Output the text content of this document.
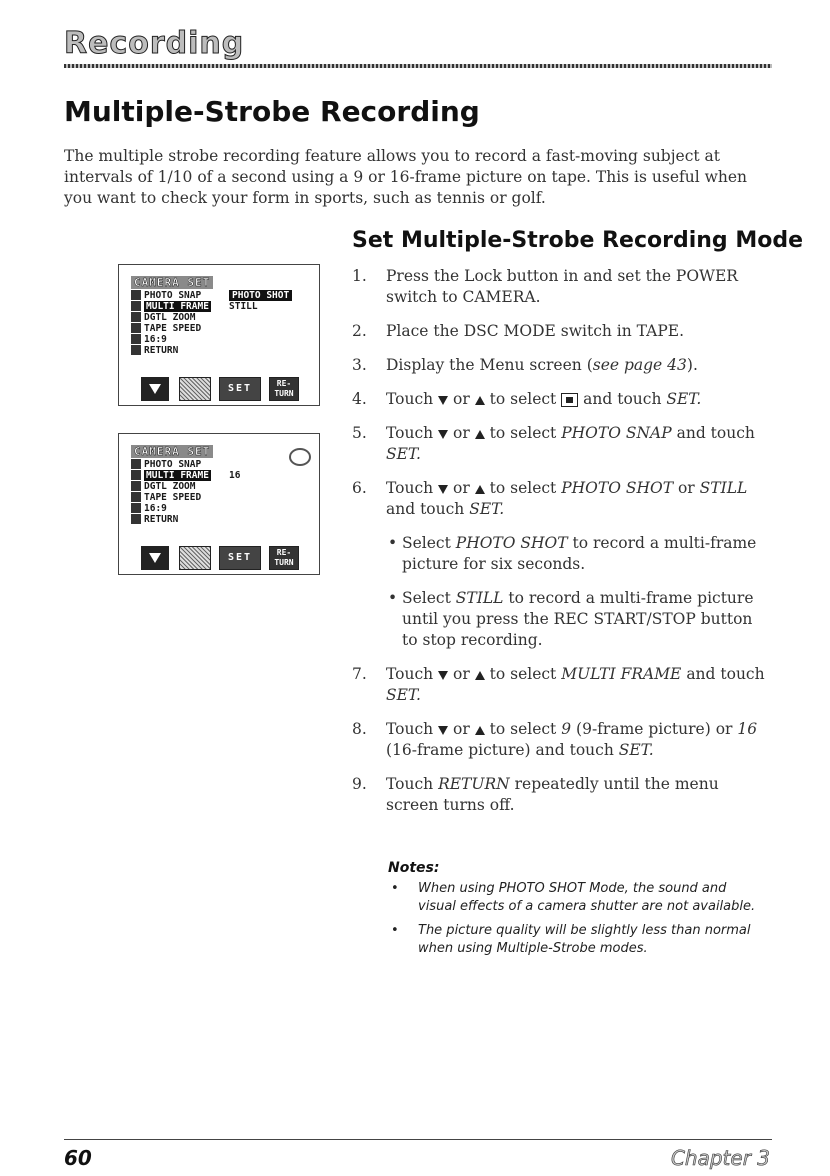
Recording
Multiple-Strobe Recording
The multiple strobe recording feature allows you to record a fast-moving subject at intervals of 1/10 of a second using a 9 or 16-frame picture on tape. This is useful when you want to check your form in sports, such as tennis or golf.
Set Multiple-Strobe Recording Mode
CAMERA SET
PHOTO SNAP	PHOTO SHOT
MULTI FRAME STILL
DGTL ZOOM
TAPE SPEED
16:9
RETURN
SET	RE- TURN
CAMERA SET
PHOTO SNAP
MULTI FRAME 16
DGTL ZOOM
TAPE SPEED
16:9
RETURN
SET	RE- TURN
1. Press the Lock button in and set the POWER switch to CAMERA.
2. Place the DSC MODE switch in TAPE.
3. Display the Menu screen (see page 43).
4. Touch or to select and touch SET.
5. Touch or to select PHOTO SNAP and touch SET.
6. Touch or to select PHOTO SHOT or STILL and touch SET.
• Select PHOTO SHOT to record a multi-frame picture for six seconds.
• Select STILL to record a multi-frame picture until you press the REC START/STOP button to stop recording.
7. Touch or to select MULTI FRAME and touch SET.
8. Touch or to select 9 (9-frame picture) or 16 (16-frame picture) and touch SET.
9. Touch RETURN repeatedly until the menu screen turns off.
Notes:
• When using PHOTO SHOT Mode, the sound and visual effects of a camera shutter are not available.
• The picture quality will be slightly less than normal when using Multiple-Strobe modes.
60	Chapter 3
